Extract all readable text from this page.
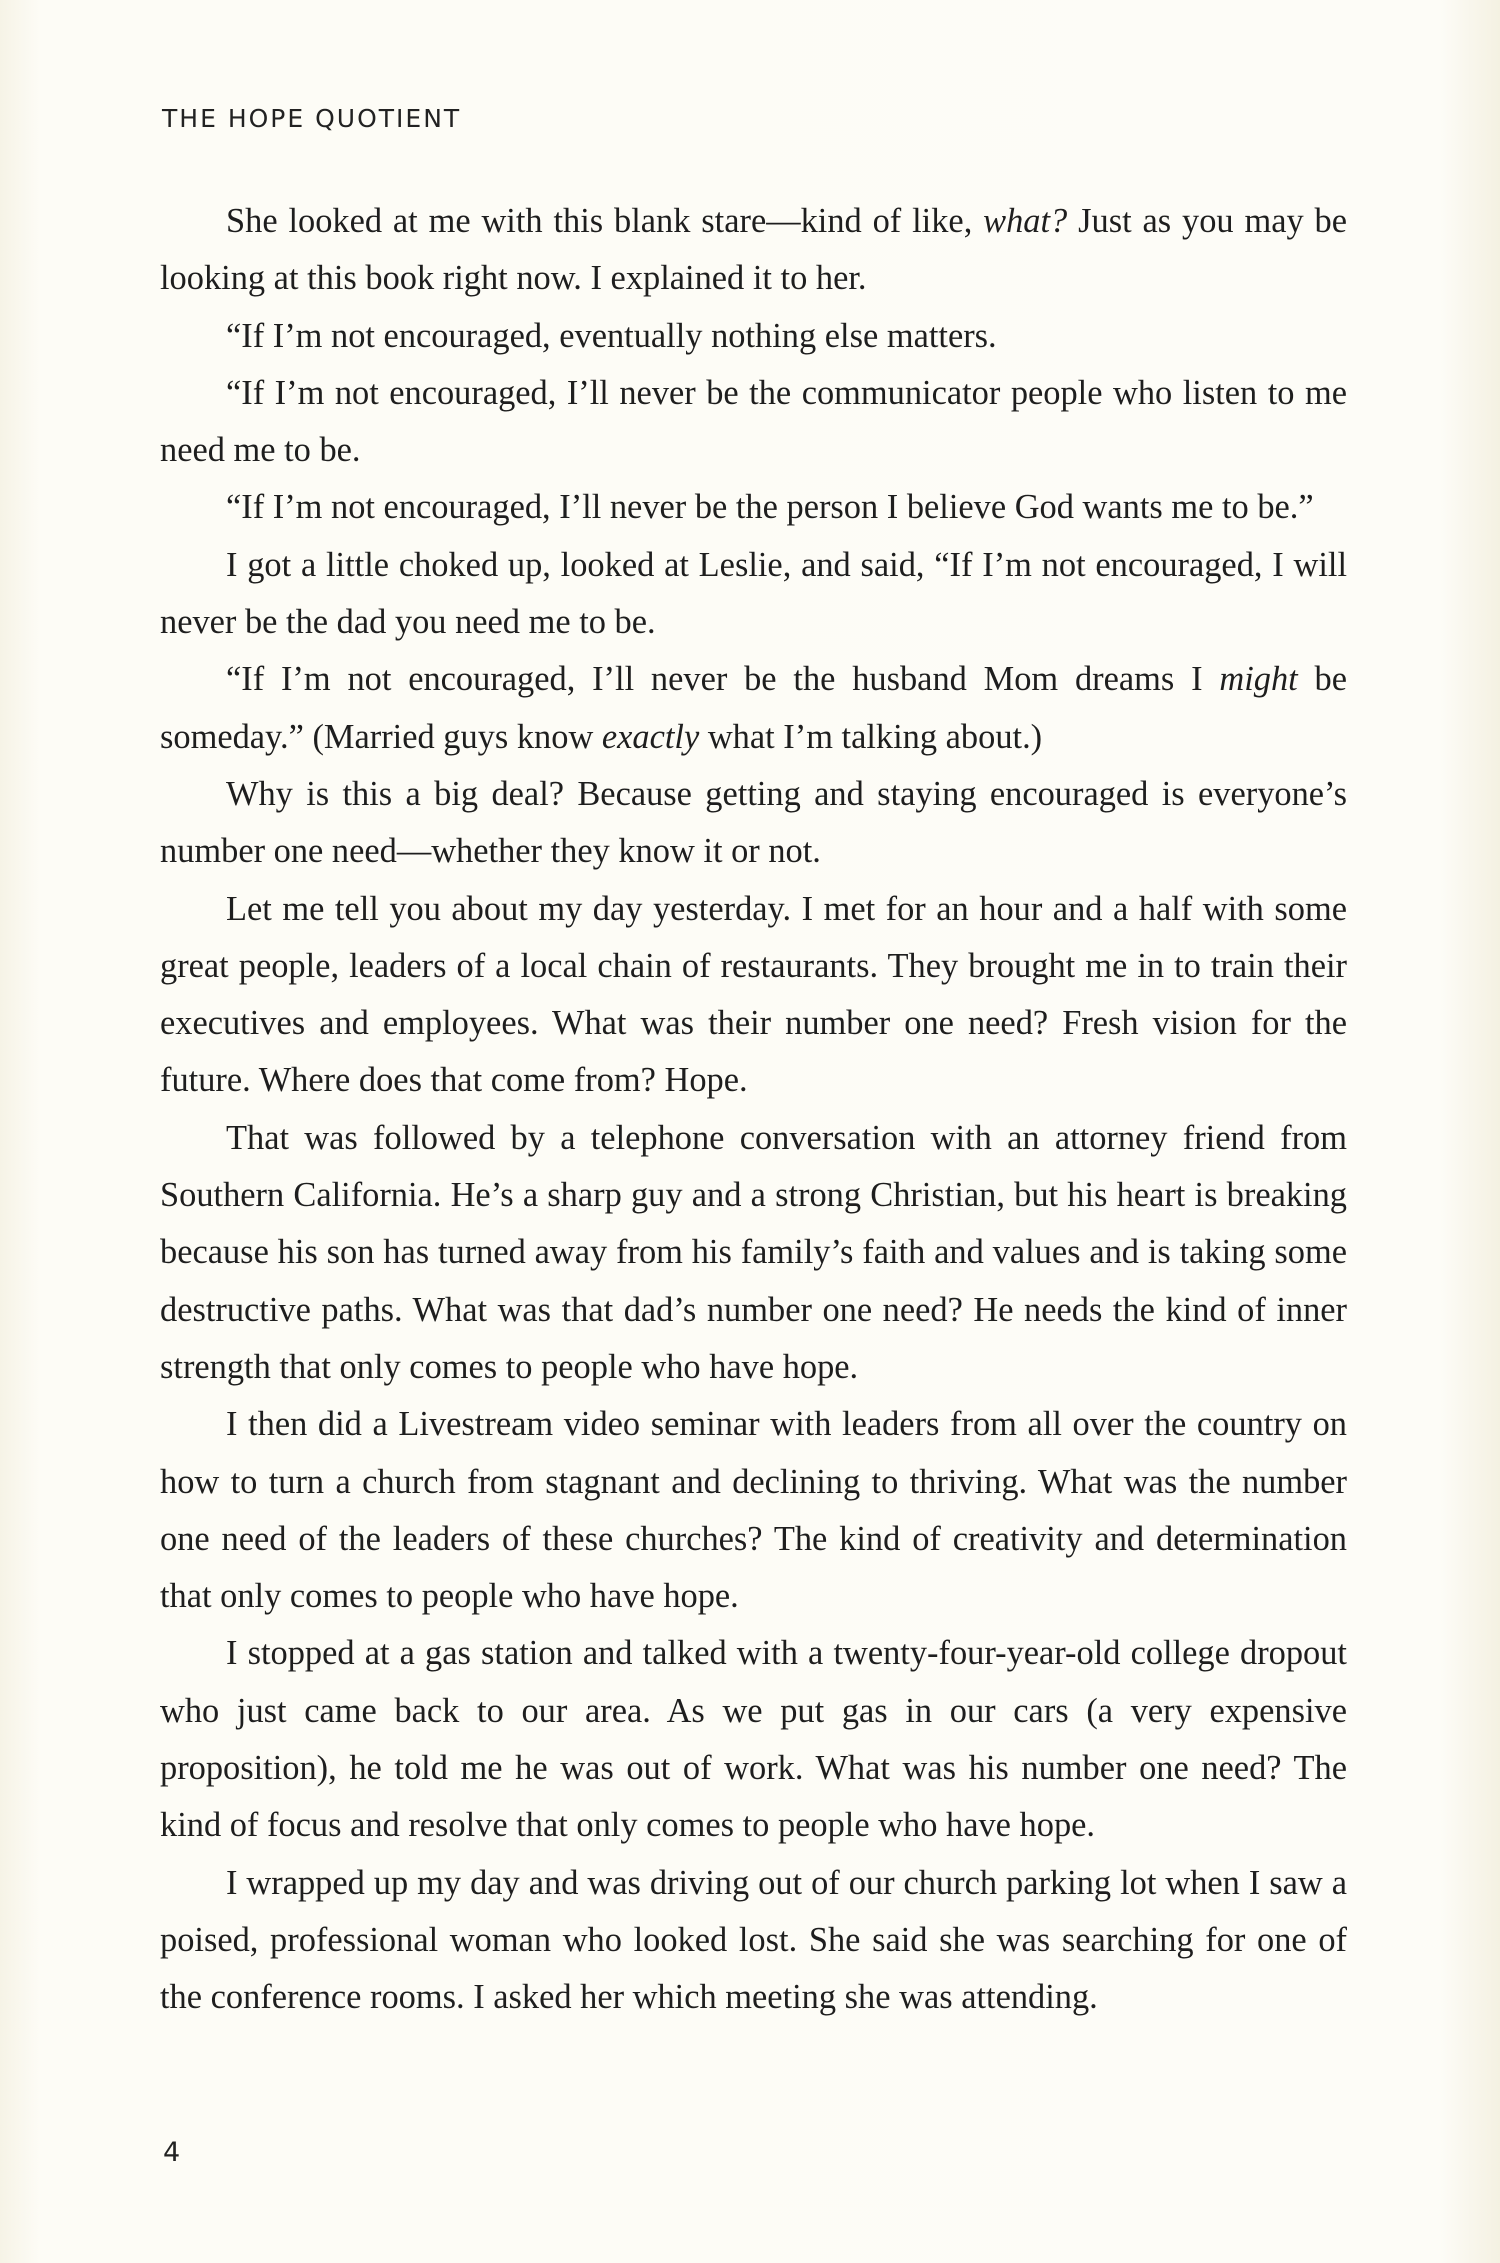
THE HOPE QUOTIENT

She looked at me with this blank stare—kind of like, what? Just as you may be looking at this book right now. I explained it to her.

“If I’m not encouraged, eventually nothing else matters.

“If I’m not encouraged, I’ll never be the communicator people who listen to me need me to be.

“If I’m not encouraged, I’ll never be the person I believe God wants me to be.”

I got a little choked up, looked at Leslie, and said, “If I’m not encouraged, I will never be the dad you need me to be.

“If I’m not encouraged, I’ll never be the husband Mom dreams I might be someday.” (Married guys know exactly what I’m talking about.)

Why is this a big deal? Because getting and staying encouraged is everyone’s number one need—whether they know it or not.

Let me tell you about my day yesterday. I met for an hour and a half with some great people, leaders of a local chain of restaurants. They brought me in to train their executives and employees. What was their number one need? Fresh vision for the future. Where does that come from? Hope.

That was followed by a telephone conversation with an attorney friend from Southern California. He’s a sharp guy and a strong Christian, but his heart is breaking because his son has turned away from his family’s faith and values and is taking some destructive paths. What was that dad’s number one need? He needs the kind of inner strength that only comes to people who have hope.

I then did a Livestream video seminar with leaders from all over the country on how to turn a church from stagnant and declining to thriving. What was the number one need of the leaders of these churches? The kind of creativity and determination that only comes to people who have hope.

I stopped at a gas station and talked with a twenty-four-year-old college dropout who just came back to our area. As we put gas in our cars (a very expensive proposition), he told me he was out of work. What was his number one need? The kind of focus and resolve that only comes to people who have hope.

I wrapped up my day and was driving out of our church parking lot when I saw a poised, professional woman who looked lost. She said she was searching for one of the conference rooms. I asked her which meeting she was attending.

4
